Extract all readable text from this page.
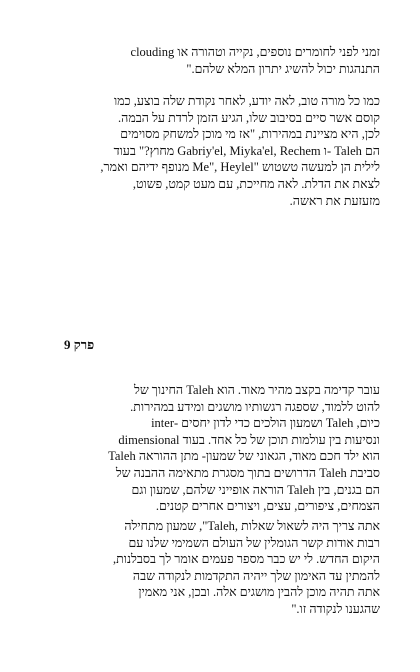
זמני לפני לחומרים נוספים, נקייה וטהורה או clouding
התנהגות יכול להשיג יתרון המלא שלהם."
כמו כל מורה טוב, לאה יודע, לאחר נקודת שלה בוצע, כמו
קוסם אשר סיים בסיבוב שלו, הגיע הזמן לרדת על הבמה.
לכן, היא מציינת במהירות, "אז מי מוכן למשחק מסוימים
הם Taleh -ו Gabriy'el, Miyka'el, Rechem מחוץ?" בעוד
לילית הן למעשה טשטוש "Me", Heylel מנופף ידיהם ואמר,
לצאת את הדלת. לאה מחייכת, עם מעט קמט, פשוט,
מזעזעת את ראשה.
פרק 9
עובר קדימה בקצב מהיר מאוד. הוא Taleh החינוך של
להוט ללמוד, שספגה רגשותיו מושגים ומידע במהירות.
כיום, Taleh ושמעון הולכים כדי לדון יחסים -inter
dimensional ונסיעות בין עולמות תוכן של כל אחד. בעוד
הוא ילד חכם מאוד, הגאוני של שמעון- מתן ההוראה Taleh
סביבת Taleh הדרושים בתוך מסגרת מתאימה ההבנה של
הם בגנים, בין Taleh הוראה אופייני שלהם, שמעון וגם
הצמחים, ציפורים, עצים, ויצורים אחרים קטנים.
אתה צריך היה לשאול שאלות ,Taleh", שמעון מתחילה
רבות אודות קשר הגומלין של העולם השמימי שלנו עם
היקום החדש. לי יש כבר מספר פעמים אומר לך בסבלנות,
להמתין עד האימון שלך ייהיה התקדמות לנקודה שבה
אתה תהיה מוכן להבין מושגים אלה. ובכן, אני מאמין
שהגענו לנקודה זו."
